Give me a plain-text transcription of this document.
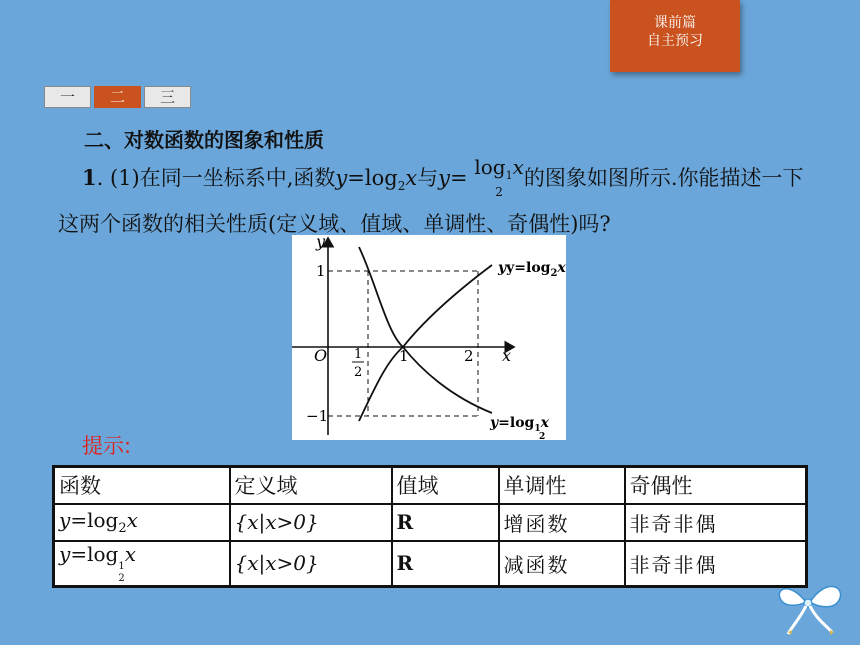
课前篇
自主预习
一	二	三
二、对数函数的图象和性质
1. (1)在同一坐标系中,函数$y=\log_2x$与$y= \log_1x$
2
的图象如图所示.你能描述一下这两个函数的相关性质(定义域、值域、单调性、奇偶性)吗?
y
x
O
1
−1
1
2
1	2
$yy=\log_2x$
$y=\log_1x$
2
提示:
函数	定义域	值域	单调性	奇偶性
$y=\log_2x$	{x|x>0}	R	增函数	非奇非偶
y=log
1
2
x	{x|x>0}	R	减函数	非奇非偶
